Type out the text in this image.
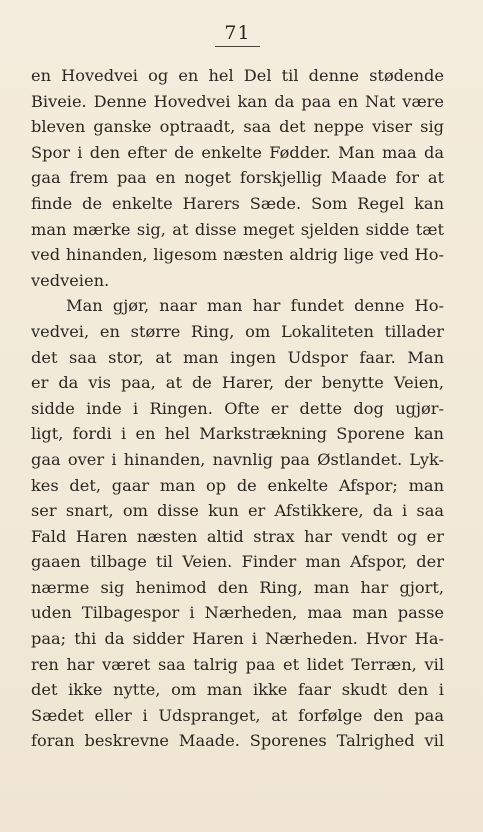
71
en Hovedvei og en hel Del til denne stødende
Biveie. Denne Hovedvei kan da paa en Nat være
bleven ganske optraadt, saa det neppe viser sig
Spor i den efter de enkelte Fødder. Man maa da
gaa frem paa en noget forskjellig Maade for at
finde de enkelte Harers Sæde. Som Regel kan
man mærke sig, at disse meget sjelden sidde tæt
ved hinanden, ligesom næsten aldrig lige ved Ho-
vedveien.
Man gjør, naar man har fundet denne Ho-
vedvei, en større Ring, om Lokaliteten tillader
det saa stor, at man ingen Udspor faar. Man
er da vis paa, at de Harer, der benytte Veien,
sidde inde i Ringen. Ofte er dette dog ugjør-
ligt, fordi i en hel Markstrækning Sporene kan
gaa over i hinanden, navnlig paa Østlandet. Lyk-
kes det, gaar man op de enkelte Afspor; man
ser snart, om disse kun er Afstikkere, da i saa
Fald Haren næsten altid strax har vendt og er
gaaen tilbage til Veien. Finder man Afspor, der
nærme sig henimod den Ring, man har gjort,
uden Tilbagespor i Nærheden, maa man passe
paa; thi da sidder Haren i Nærheden. Hvor Ha-
ren har været saa talrig paa et lidet Terræn, vil
det ikke nytte, om man ikke faar skudt den i
Sædet eller i Udspranget, at forfølge den paa
foran beskrevne Maade. Sporenes Talrighed vil
